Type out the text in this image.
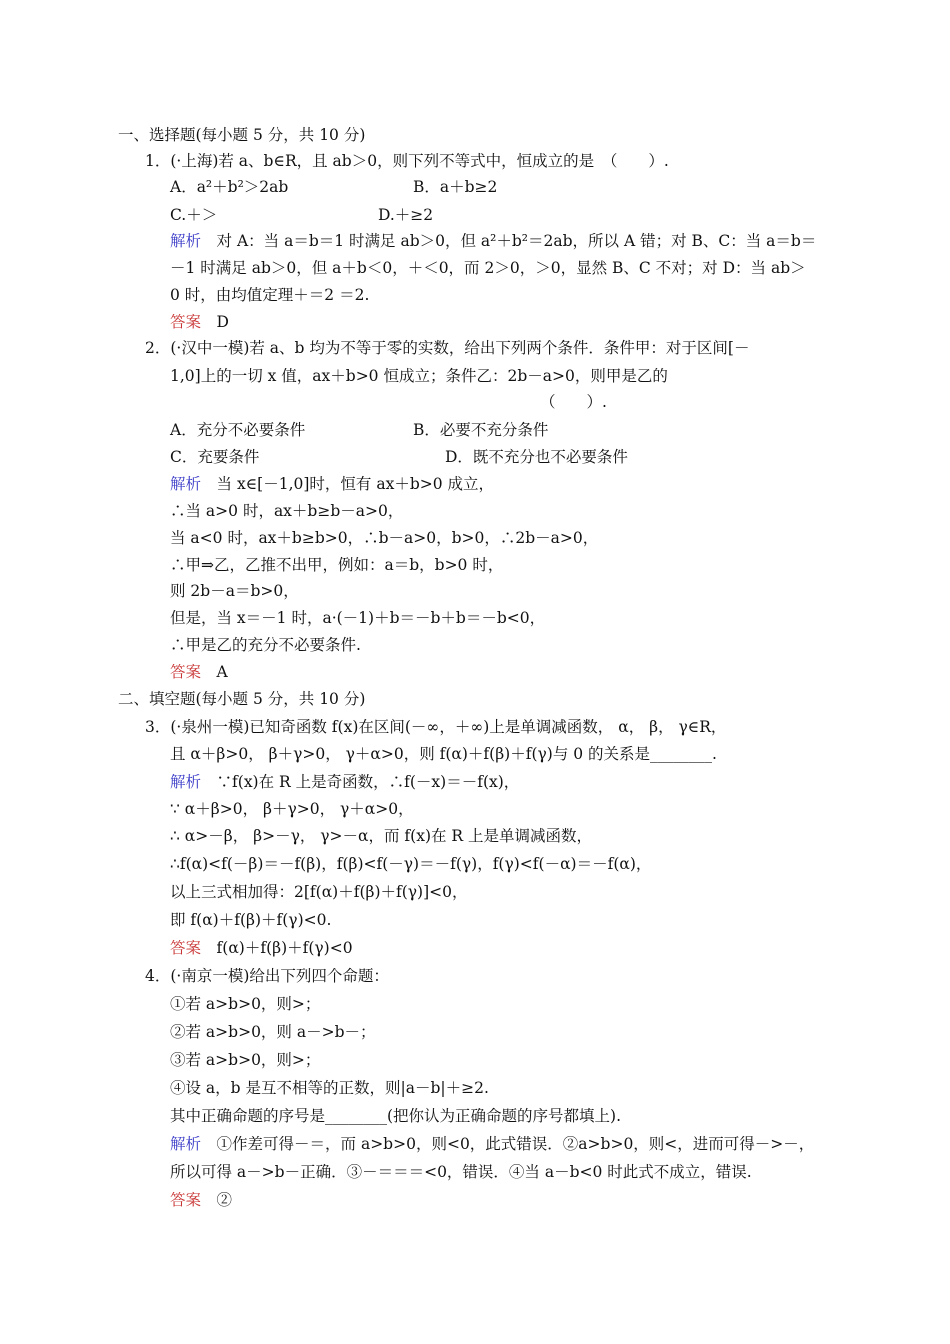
一、选择题(每小题 5 分，共 10 分)
1．(·上海)若 a、b∈R，且 ab＞0，则下列不等式中，恒成立的是　（　　）.
A．a²＋b²＞2ab	B．a＋b≥2
C.＋＞	D.＋≥2
解析　 对 A：当 a＝b＝1 时满足 ab＞0，但 a²＋b²＝2ab，所以 A 错；对 B、C：当 a＝b＝
－1 时满足 ab＞0，但 a＋b＜0，＋＜0，而 2＞0，＞0，显然 B、C 不对；对 D：当 ab＞
0 时，由均值定理＋＝2 ＝2.
答案　 D
2．(·汉中一模)若 a、b 均为不等于零的实数，给出下列两个条件．条件甲：对于区间[－
1,0]上的一切 x 值，ax＋b>0 恒成立；条件乙：2b－a>0，则甲是乙的
（　　）.
A．充分不必要条件	B．必要不充分条件
C．充要条件	D．既不充分也不必要条件
解析　 当 x∈[－1,0]时，恒有 ax＋b>0 成立，
∴当 a>0 时，ax＋b≥b－a>0，
当 a<0 时，ax＋b≥b>0，∴b－a>0，b>0，∴2b－a>0，
∴甲⇒乙，乙推不出甲，例如：a＝b，b>0 时，
则 2b－a＝b>0，
但是，当 x＝－1 时，a·(－1)＋b＝－b＋b＝－b<0，
∴甲是乙的充分不必要条件.
答案　 A
二、填空题(每小题 5 分，共 10 分)
3．(·泉州一模)已知奇函数 f(x)在区间(－∞，＋∞)上是单调减函数， α， β， γ∈R，
且 α＋β>0， β＋γ>0， γ＋α>0，则 f(α)＋f(β)＋f(γ)与 0 的关系是________.
解析　 ∵f(x)在 R 上是奇函数，∴f(－x)＝－f(x)，
∵ α＋β>0， β＋γ>0， γ＋α>0，
∴ α>－β， β>－γ， γ>－α，而 f(x)在 R 上是单调减函数，
∴f(α)<f(－β)＝－f(β)，f(β)<f(－γ)＝－f(γ)，f(γ)<f(－α)＝－f(α)，
以上三式相加得：2[f(α)＋f(β)＋f(γ)]<0，
即 f(α)＋f(β)＋f(γ)<0.
答案　 f(α)＋f(β)＋f(γ)<0
4．(·南京一模)给出下列四个命题：
①若 a>b>0，则>；
②若 a>b>0，则 a－>b－；
③若 a>b>0，则>；
④设 a，b 是互不相等的正数，则|a－b|＋≥2.
其中正确命题的序号是________(把你认为正确命题的序号都填上).
解析　 ①作差可得－＝，而 a>b>0，则<0，此式错误．②a>b>0，则<，进而可得－>－，
所以可得 a－>b－正确．③－＝＝＝<0，错误．④当 a－b<0 时此式不成立，错误.
答案　 ②
